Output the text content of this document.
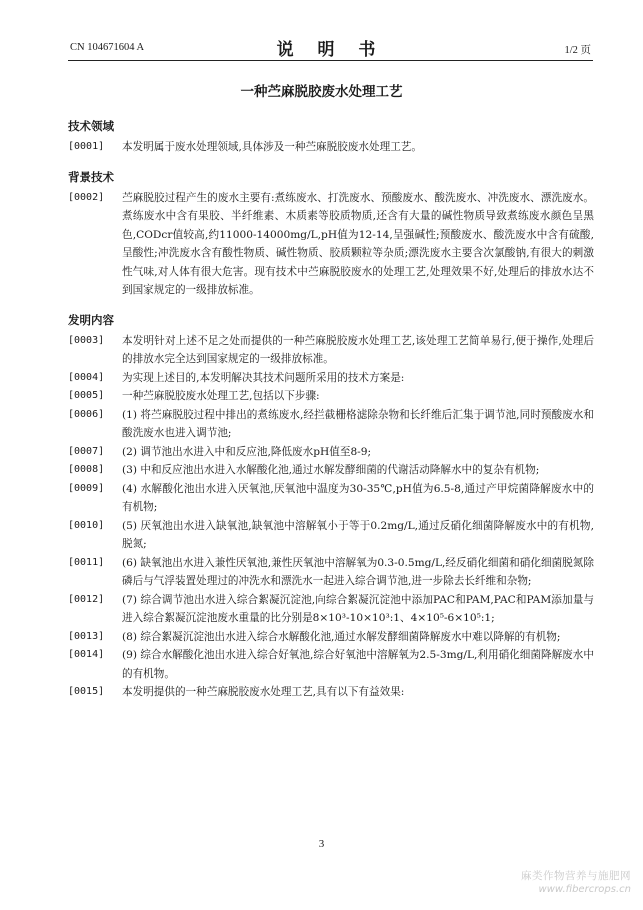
CN 104671604 A	说 明 书	1/2 页
一种苎麻脱胶废水处理工艺
技术领域
[0001] 本发明属于废水处理领域,具体涉及一种苎麻脱胶废水处理工艺。
背景技术
[0002] 苎麻脱胶过程产生的废水主要有:煮练废水、打洗废水、预酸废水、酸洗废水、冲洗废水、漂洗废水。煮练废水中含有果胶、半纤维素、木质素等胶质物质,还含有大量的碱性物质导致煮练废水颜色呈黑色,CODcr值较高,约11000-14000mg/L,pH值为12-14,呈强碱性;预酸废水、酸洗废水中含有硫酸,呈酸性;冲洗废水含有酸性物质、碱性物质、胶质颗粒等杂质;漂洗废水主要含次氯酸钠,有很大的刺激性气味,对人体有很大危害。现有技术中苎麻脱胶废水的处理工艺,处理效果不好,处理后的排放水达不到国家规定的一级排放标准。
发明内容
[0003] 本发明针对上述不足之处而提供的一种苎麻脱胶废水处理工艺,该处理工艺简单易行,便于操作,处理后的排放水完全达到国家规定的一级排放标准。
[0004] 为实现上述目的,本发明解决其技术问题所采用的技术方案是:
[0005] 一种苎麻脱胶废水处理工艺,包括以下步骤:
[0006] (1) 将苎麻脱胶过程中排出的煮练废水,经拦截栅格滤除杂物和长纤维后汇集于调节池,同时预酸废水和酸洗废水也进入调节池;
[0007] (2) 调节池出水进入中和反应池,降低废水pH值至8-9;
[0008] (3) 中和反应池出水进入水解酸化池,通过水解发酵细菌的代谢活动降解水中的复杂有机物;
[0009] (4) 水解酸化池出水进入厌氧池,厌氧池中温度为30-35℃,pH值为6.5-8,通过产甲烷菌降解废水中的有机物;
[0010] (5) 厌氧池出水进入缺氧池,缺氧池中溶解氧小于等于0.2mg/L,通过反硝化细菌降解废水中的有机物,脱氮;
[0011] (6) 缺氧池出水进入兼性厌氧池,兼性厌氧池中溶解氧为0.3-0.5mg/L,经反硝化细菌和硝化细菌脱氮除磷后与气浮装置处理过的冲洗水和漂洗水一起进入综合调节池,进一步除去长纤维和杂物;
[0012] (7) 综合调节池出水进入综合絮凝沉淀池,向综合絮凝沉淀池中添加PAC和PAM,PAC和PAM添加量与进入综合絮凝沉淀池废水重量的比分别是8×10³-10×10³:1、4×10⁵-6×10⁵:1;
[0013] (8) 综合絮凝沉淀池出水进入综合水解酸化池,通过水解发酵细菌降解废水中难以降解的有机物;
[0014] (9) 综合水解酸化池出水进入综合好氧池,综合好氧池中溶解氧为2.5-3mg/L,利用硝化细菌降解废水中的有机物。
[0015] 本发明提供的一种苎麻脱胶废水处理工艺,具有以下有益效果:
3
麻类作物营养与施肥网
www.fibercrops.cn
